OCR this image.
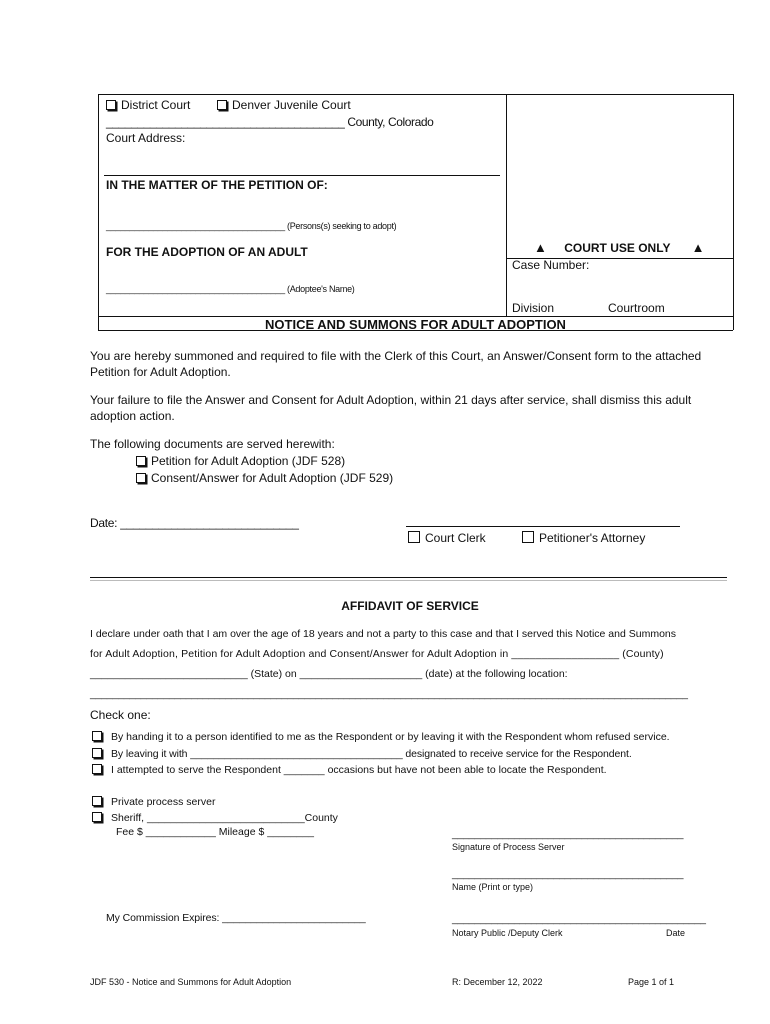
District Court	Denver Juvenile Court
______________________________________ County, Colorado
Court Address:
IN THE MATTER OF THE PETITION OF:
______________________________________ (Persons(s) seeking to adopt)
FOR THE ADOPTION OF AN ADULT
______________________________________ (Adoptee's Name)
▲ COURT USE ONLY ▲
Case Number:
Division	Courtroom
NOTICE AND SUMMONS FOR ADULT ADOPTION
You are hereby summoned and required to file with the Clerk of this Court, an Answer/Consent form to the attached Petition for Adult Adoption.
Your failure to file the Answer and Consent for Adult Adoption, within 21 days after service, shall dismiss this adult adoption action.
The following documents are served herewith:
Petition for Adult Adoption (JDF 528)
Consent/Answer for Adult Adoption (JDF 529)
Date: ____________________________
Court Clerk	Petitioner's Attorney
AFFIDAVIT OF SERVICE
I declare under oath that I am over the age of 18 years and not a party to this case and that I served this Notice and Summons
for Adult Adoption, Petition for Adult Adoption and Consent/Answer for Adult Adoption in __________________ (County)
___________________________ (State) on _____________________ (date) at the following location:
__________________________________________________________________________________________________________
Check one:
By handing it to a person identified to me as the Respondent or by leaving it with the Respondent whom refused service.
By leaving it with _____________________________________ designated to receive service for the Respondent.
I attempted to serve the Respondent _______ occasions but have not been able to locate the Respondent.
Private process server
Sheriff, ___________________________County
Fee $ ____________ Mileage $ ________	_________________________________________
Signature of Process Server
_________________________________________
Name (Print or type)
My Commission Expires: _________________________	_____________________________________________
Notary Public /Deputy Clerk	Date
JDF 530 - Notice and Summons for Adult Adoption	R: December 12, 2022	Page 1 of 1
